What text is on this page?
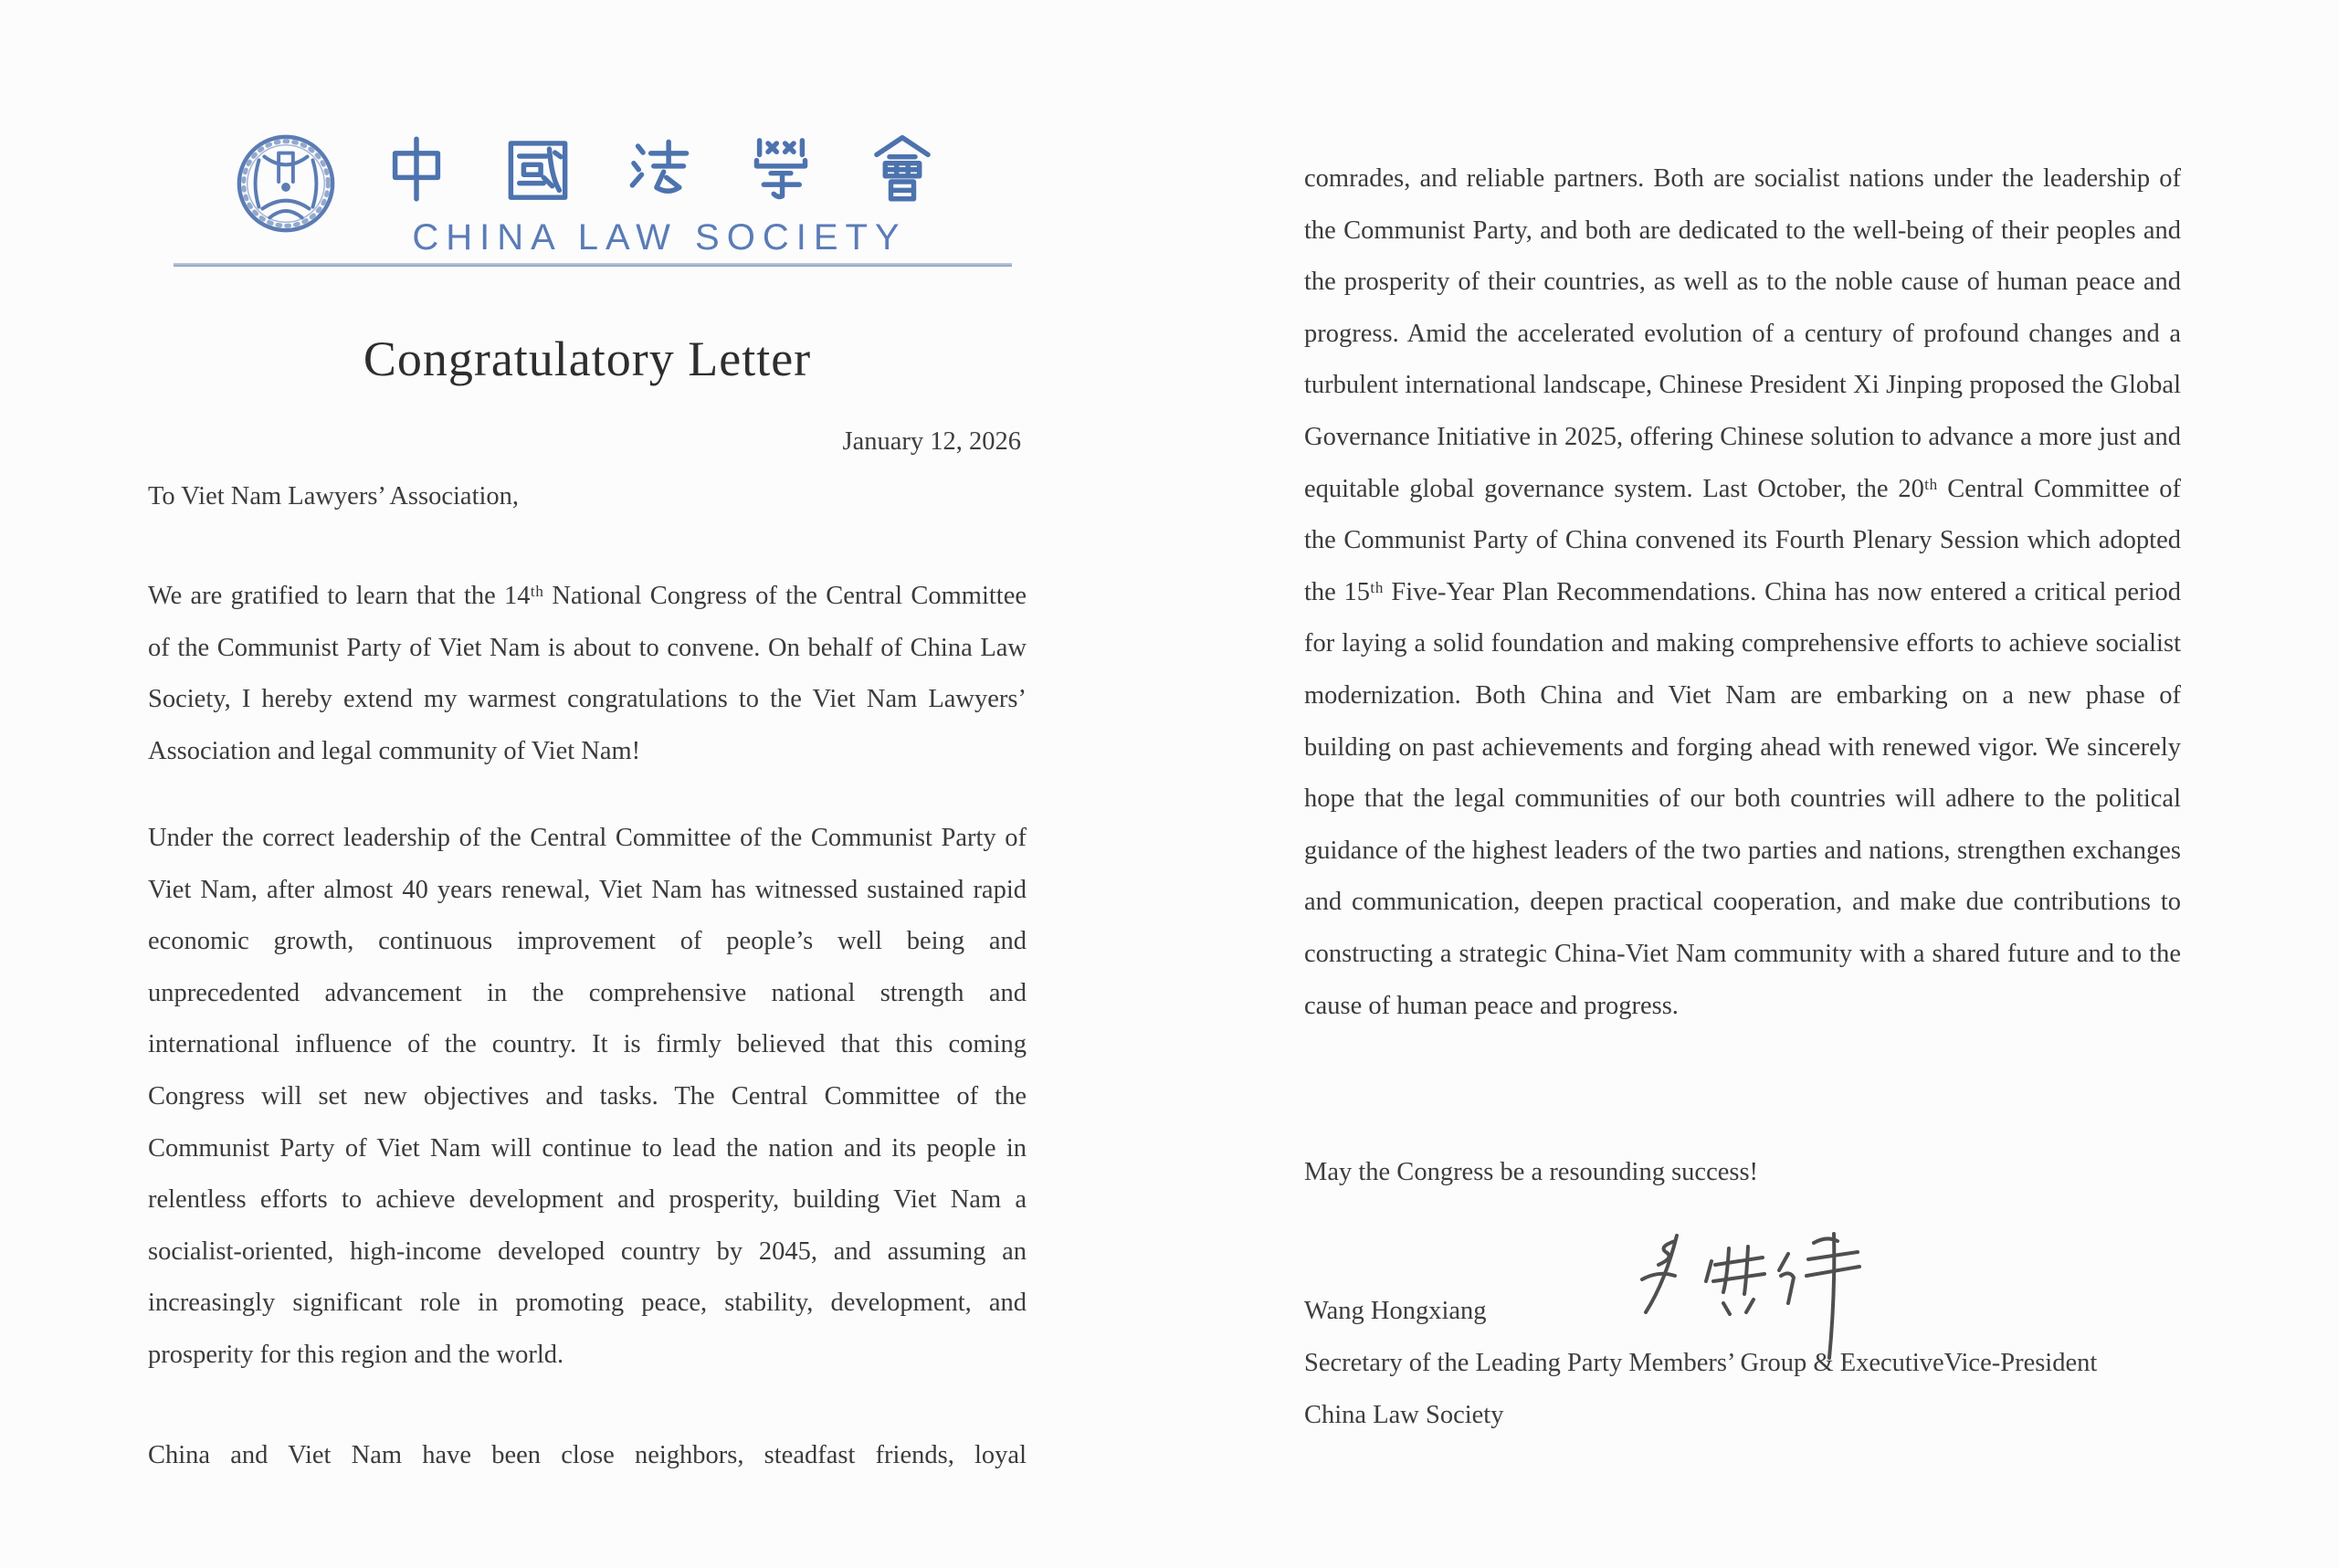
CHINA LAW SOCIETY
Congratulatory Letter
January 12, 2026
To Viet Nam Lawyers’ Association,

We are gratified to learn that the 14ᵗʰ National Congress of the Central Committee of the Communist Party of Viet Nam is about to convene. On behalf of China Law Society, I hereby extend my warmest congratulations to the Viet Nam Lawyers’ Association and legal community of Viet Nam!

Under the correct leadership of the Central Committee of the Communist Party of Viet Nam, after almost 40 years renewal, Viet Nam has witnessed sustained rapid economic growth, continuous improvement of people’s well being and unprecedented advancement in the comprehensive national strength and international influence of the country. It is firmly believed that this coming Congress will set new objectives and tasks. The Central Committee of the Communist Party of Viet Nam will continue to lead the nation and its people in relentless efforts to achieve development and prosperity, building Viet Nam a socialist-oriented, high-income developed country by 2045, and assuming an increasingly significant role in promoting peace, stability, development, and prosperity for this region and the world.

China and Viet Nam have been close neighbors, steadfast friends, loyal

comrades, and reliable partners. Both are socialist nations under the leadership of the Communist Party, and both are dedicated to the well-being of their peoples and the prosperity of their countries, as well as to the noble cause of human peace and progress. Amid the accelerated evolution of a century of profound changes and a turbulent international landscape, Chinese President Xi Jinping proposed the Global Governance Initiative in 2025, offering Chinese solution to advance a more just and equitable global governance system. Last October, the 20ᵗʰ Central Committee of the Communist Party of China convened its Fourth Plenary Session which adopted the 15ᵗʰ Five-Year Plan Recommendations. China has now entered a critical period for laying a solid foundation and making comprehensive efforts to achieve socialist modernization. Both China and Viet Nam are embarking on a new phase of building on past achievements and forging ahead with renewed vigor. We sincerely hope that the legal communities of our both countries will adhere to the political guidance of the highest leaders of the two parties and nations, strengthen exchanges and communication, deepen practical cooperation, and make due contributions to constructing a strategic China-Viet Nam community with a shared future and to the cause of human peace and progress.

May the Congress be a resounding success!
Wang Hongxiang
Secretary of the Leading Party Members’ Group & ExecutiveVice-President
China Law Society
